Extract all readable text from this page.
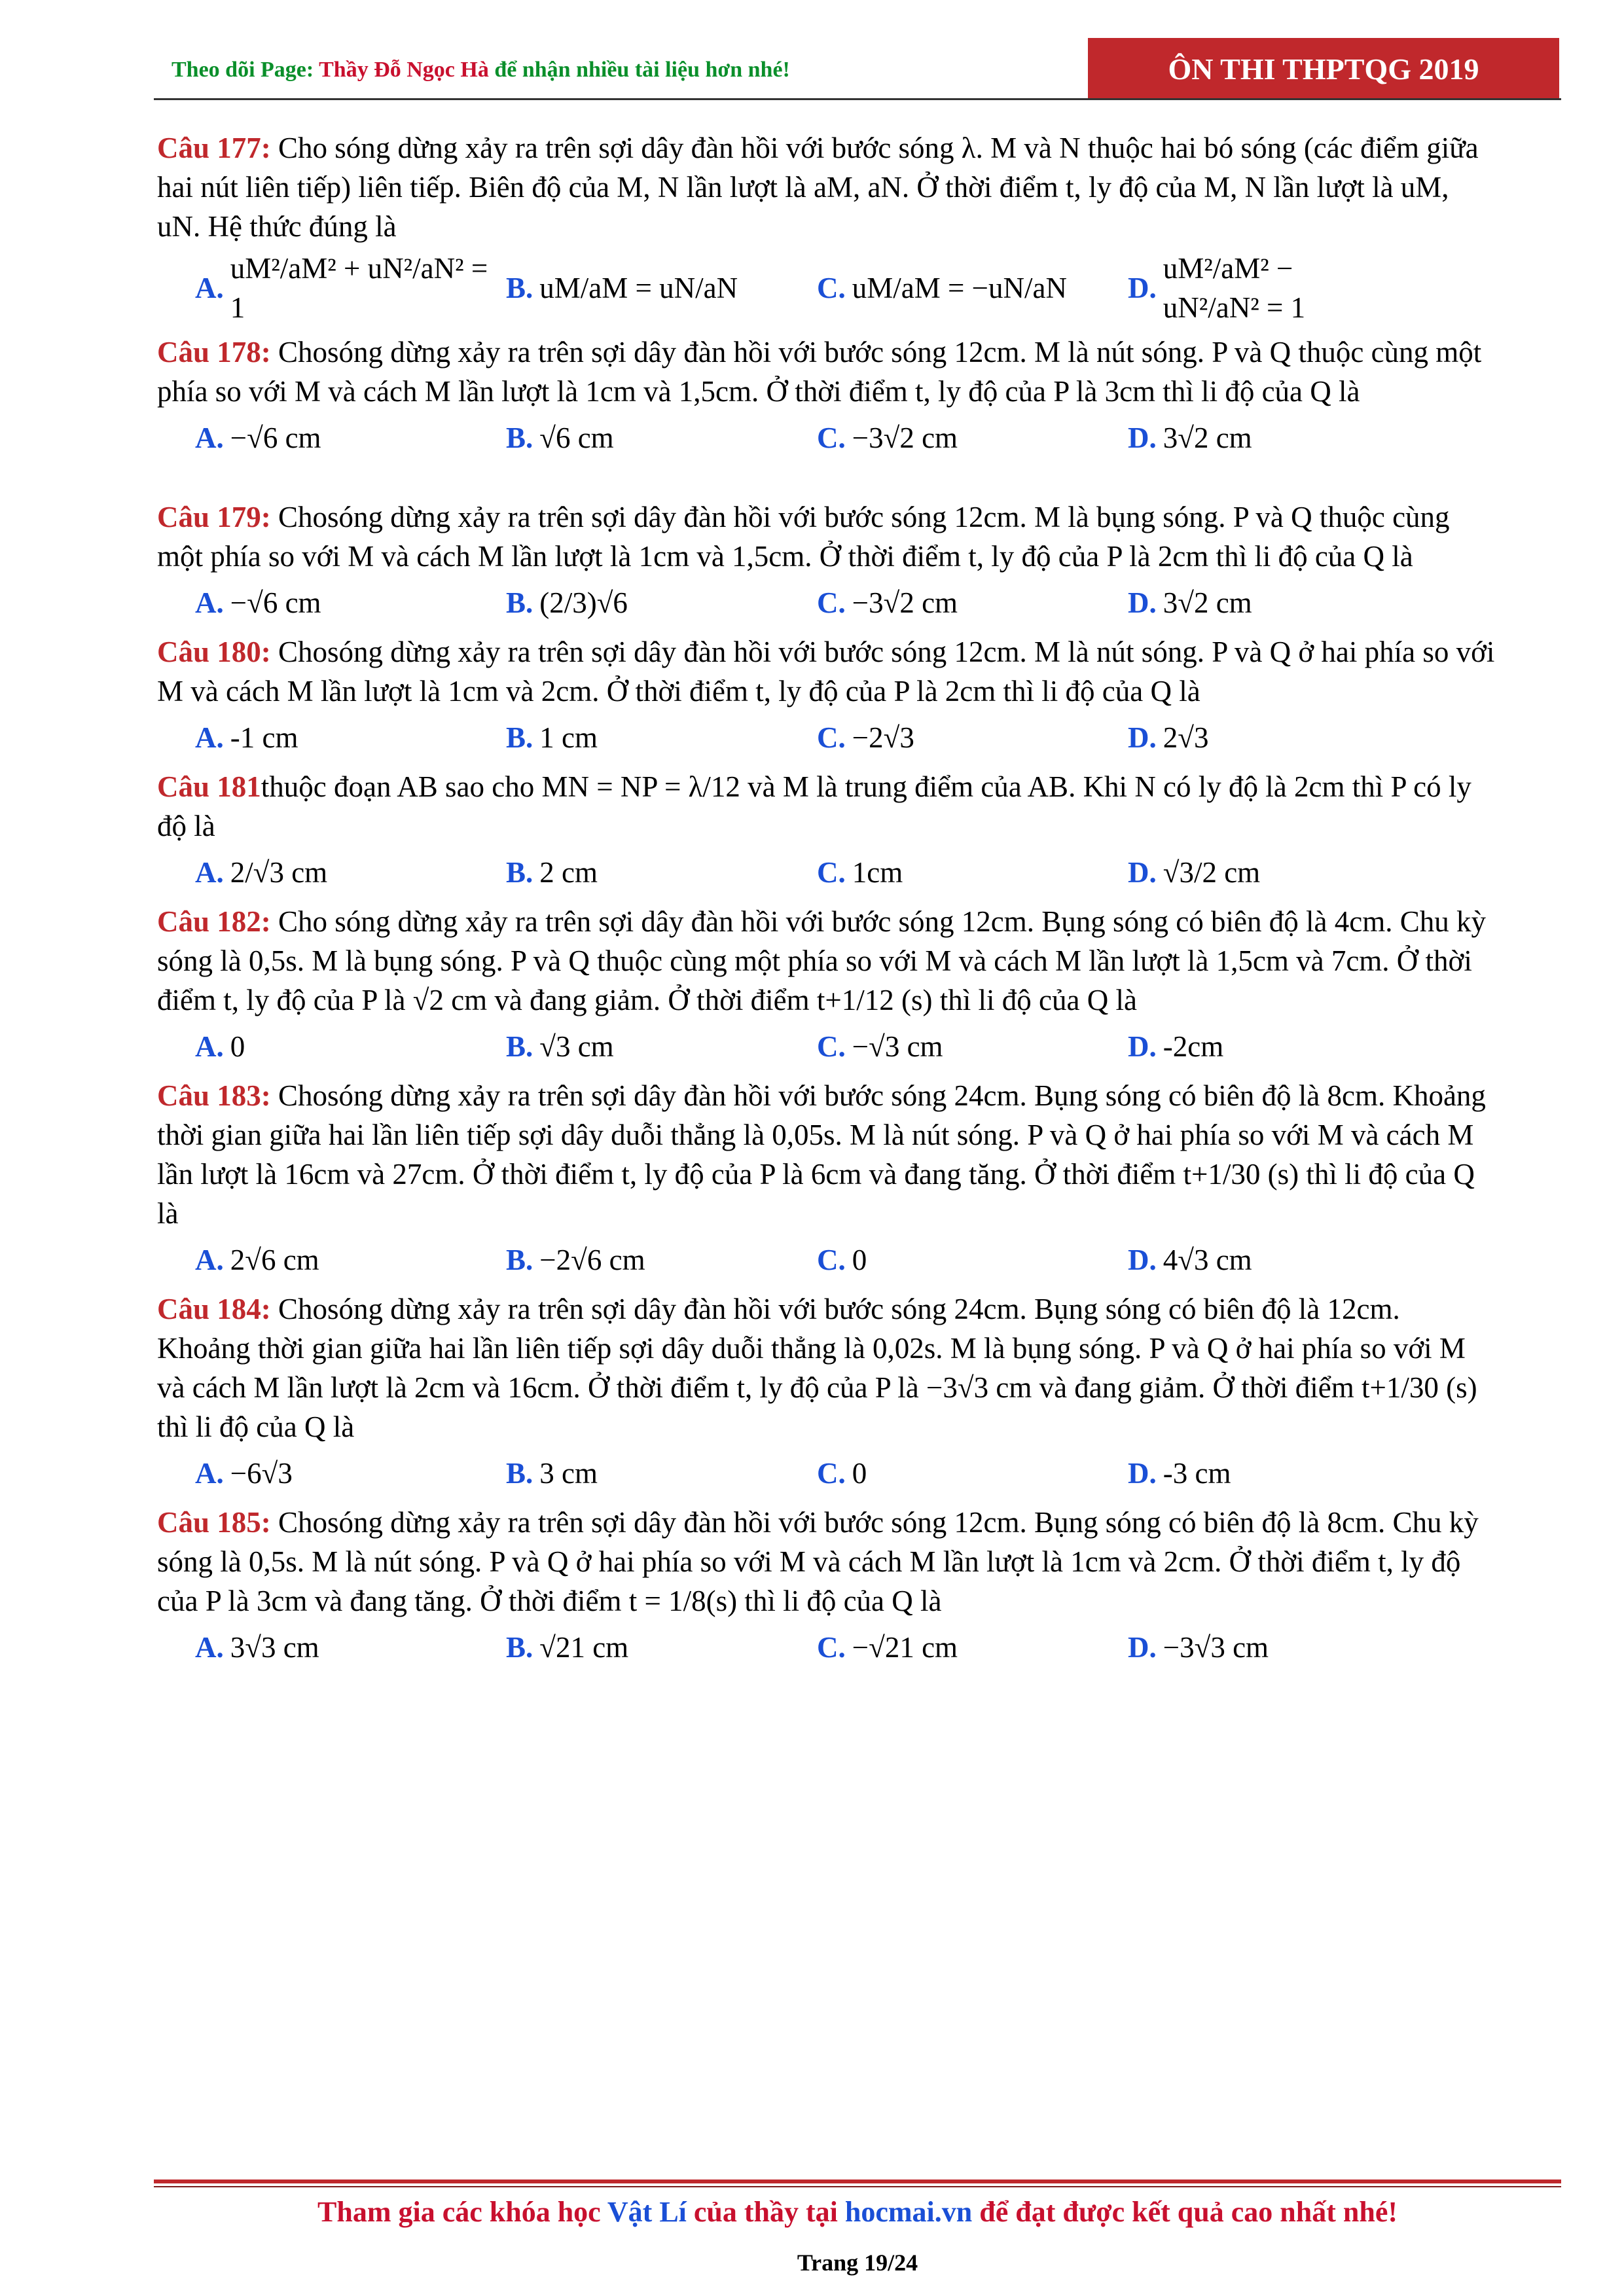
Theo dõi Page: Thầy Đỗ Ngọc Hà để nhận nhiều tài liệu hơn nhé!	ÔN THI THPTQG 2019

Câu 177: Cho sóng dừng xảy ra trên sợi dây đàn hồi với bước sóng λ. M và N thuộc hai bó sóng (các điểm giữa hai nút liên tiếp) liên tiếp. Biên độ của M, N lần lượt là aM, aN. Ở thời điểm t, ly độ của M, N lần lượt là uM, uN. Hệ thức đúng là

A.
uM²/aM² + uN²/aN² = 1
B. uM/aM = uN/aN	C. uM/aM = −uN/aN D.
uM²/aM² − uN²/aN² = 1

Câu 178: Chosóng dừng xảy ra trên sợi dây đàn hồi với bước sóng 12cm. M là nút sóng. P và Q thuộc cùng một phía so với M và cách M lần lượt là 1cm và 1,5cm. Ở thời điểm t, ly độ của P là 3cm thì li độ của Q là

A. −√6 cm	B. √6 cm	C. −3√2 cm	D. 3√2 cm

Câu 179: Chosóng dừng xảy ra trên sợi dây đàn hồi với bước sóng 12cm. M là bụng sóng. P và Q thuộc cùng một phía so với M và cách M lần lượt là 1cm và 1,5cm. Ở thời điểm t, ly độ của P là 2cm thì li độ của Q là

A. −√6 cm	B. (2/3)√6	C. −3√2 cm	D. 3√2 cm

Câu 180: Chosóng dừng xảy ra trên sợi dây đàn hồi với bước sóng 12cm. M là nút sóng. P và Q ở hai phía so với M và cách M lần lượt là 1cm và 2cm. Ở thời điểm t, ly độ của P là 2cm thì li độ của Q là

A. -1 cm	B. 1 cm	C. −2√3	D. 2√3

Câu 181thuộc đoạn AB sao cho MN = NP = λ/12 và M là trung điểm của AB. Khi N có ly độ là 2cm thì P có ly độ là

A. 2/√3 cm	B. 2 cm	C. 1cm	D. √3/2 cm

Câu 182: Cho sóng dừng xảy ra trên sợi dây đàn hồi với bước sóng 12cm. Bụng sóng có biên độ là 4cm. Chu kỳ sóng là 0,5s. M là bụng sóng. P và Q thuộc cùng một phía so với M và cách M lần lượt là 1,5cm và 7cm. Ở thời điểm t, ly độ của P là √2 cm và đang giảm. Ở thời điểm t+1/12 (s) thì li độ của Q là

A. 0	B. √3 cm	C. −√3 cm	D. -2cm

Câu 183: Chosóng dừng xảy ra trên sợi dây đàn hồi với bước sóng 24cm. Bụng sóng có biên độ là 8cm. Khoảng thời gian giữa hai lần liên tiếp sợi dây duỗi thẳng là 0,05s. M là nút sóng. P và Q ở hai phía so với M và cách M lần lượt là 16cm và 27cm. Ở thời điểm t, ly độ của P là 6cm và đang tăng. Ở thời điểm t+1/30 (s) thì li độ của Q là

A. 2√6 cm	B. −2√6 cm	C. 0	D. 4√3 cm

Câu 184: Chosóng dừng xảy ra trên sợi dây đàn hồi với bước sóng 24cm. Bụng sóng có biên độ là 12cm. Khoảng thời gian giữa hai lần liên tiếp sợi dây duỗi thẳng là 0,02s. M là bụng sóng. P và Q ở hai phía so với M và cách M lần lượt là 2cm và 16cm. Ở thời điểm t, ly độ của P là −3√3 cm và đang giảm. Ở thời điểm t+1/30 (s) thì li độ của Q là

A. −6√3	B. 3 cm	C. 0	D. -3 cm

Câu 185: Chosóng dừng xảy ra trên sợi dây đàn hồi với bước sóng 12cm. Bụng sóng có biên độ là 8cm. Chu kỳ sóng là 0,5s. M là nút sóng. P và Q ở hai phía so với M và cách M lần lượt là 1cm và 2cm. Ở thời điểm t, ly độ của P là 3cm và đang tăng. Ở thời điểm t = 1/8(s) thì li độ của Q là

A. 3√3 cm	B. √21 cm	C. −√21 cm	D. −3√3 cm
Tham gia các khóa học Vật Lí của thầy tại hocmai.vn để đạt được kết quả cao nhất nhé!
Trang 19/24
